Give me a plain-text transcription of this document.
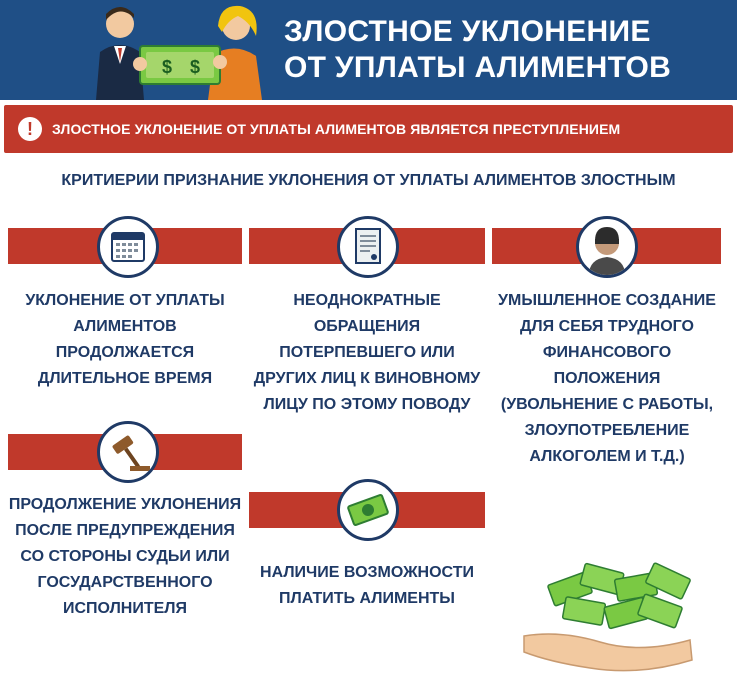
$ $
ЗЛОСТНОЕ УКЛОНЕНИЕ
ОТ УПЛАТЫ АЛИМЕНТОВ
!	ЗЛОСТНОЕ УКЛОНЕНИЕ ОТ УПЛАТЫ АЛИМЕНТОВ ЯВЛЯЕТСЯ ПРЕСТУПЛЕНИЕМ
КРИТИЕРИИ ПРИЗНАНИЕ УКЛОНЕНИЯ ОТ УПЛАТЫ АЛИМЕНТОВ ЗЛОСТНЫМ
УКЛОНЕНИЕ ОТ УПЛАТЫ АЛИМЕНТОВ ПРОДОЛЖАЕТСЯ ДЛИТЕЛЬНОЕ ВРЕМЯ
НЕОДНОКРАТНЫЕ ОБРАЩЕНИЯ ПОТЕРПЕВШЕГО ИЛИ ДРУГИХ ЛИЦ К ВИНОВНОМУ ЛИЦУ ПО ЭТОМУ ПОВОДУ
УМЫШЛЕННОЕ СОЗДАНИЕ ДЛЯ СЕБЯ ТРУДНОГО ФИНАНСОВОГО ПОЛОЖЕНИЯ (УВОЛЬНЕНИЕ С РАБОТЫ, ЗЛОУПОТРЕБЛЕНИЕ АЛКОГОЛЕМ И Т.Д.)
ПРОДОЛЖЕНИЕ УКЛОНЕНИЯ ПОСЛЕ ПРЕДУПРЕЖДЕНИЯ СО СТОРОНЫ СУДЬИ ИЛИ ГОСУДАРСТВЕННОГО ИСПОЛНИТЕЛЯ
НАЛИЧИЕ ВОЗМОЖНОСТИ ПЛАТИТЬ АЛИМЕНТЫ
